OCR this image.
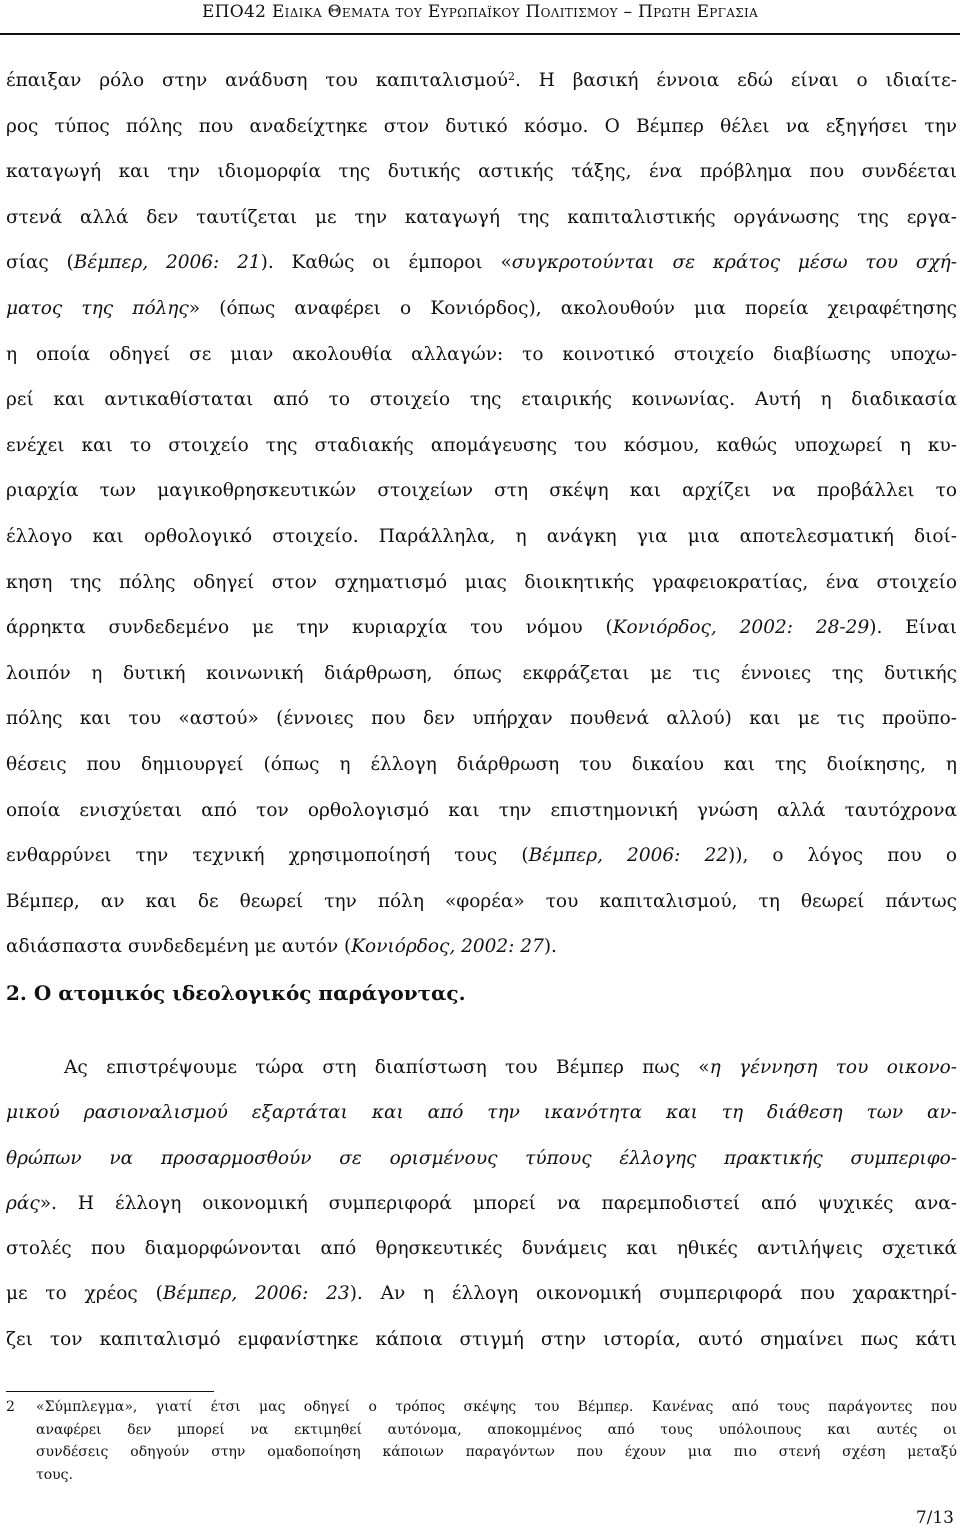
ΕΠΟ42 Ειδικα Θεματα του Ευρωπαϊκου Πολιτισμου – Πρωτη Εργασια
έπαιξαν ρόλο στην ανάδυση του καπιταλισμού$^2$. Η βασική έννοια εδώ είναι ο ιδιαίτε-
ρος τύπος πόλης που αναδείχτηκε στον δυτικό κόσμο. Ο Βέμπερ θέλει να εξηγήσει την
καταγωγή και την ιδιομορφία της δυτικής αστικής τάξης, ένα πρόβλημα που συνδέεται
στενά αλλά δεν ταυτίζεται με την καταγωγή της καπιταλιστικής οργάνωσης της εργα-
σίας (Βέμπερ, 2006: 21). Καθώς οι έμποροι «συγκροτούνται σε κράτος μέσω του σχή-
ματος της πόλης» (όπως αναφέρει ο Κονιόρδος), ακολουθούν μια πορεία χειραφέτησης
η οποία οδηγεί σε μιαν ακολουθία αλλαγών: το κοινοτικό στοιχείο διαβίωσης υποχω-
ρεί και αντικαθίσταται από το στοιχείο της εταιρικής κοινωνίας. Αυτή η διαδικασία
ενέχει και το στοιχείο της σταδιακής απομάγευσης του κόσμου, καθώς υποχωρεί η κυ-
ριαρχία των μαγικοθρησκευτικών στοιχείων στη σκέψη και αρχίζει να προβάλλει το
έλλογο και ορθολογικό στοιχείο. Παράλληλα, η ανάγκη για μια αποτελεσματική διοί-
κηση της πόλης οδηγεί στον σχηματισμό μιας διοικητικής γραφειοκρατίας, ένα στοιχείο
άρρηκτα συνδεδεμένο με την κυριαρχία του νόμου (Κονιόρδος, 2002: 28-29). Είναι
λοιπόν η δυτική κοινωνική διάρθρωση, όπως εκφράζεται με τις έννοιες της δυτικής
πόλης και του «αστού» (έννοιες που δεν υπήρχαν πουθενά αλλού) και με τις προϋπο-
θέσεις που δημιουργεί (όπως η έλλογη διάρθρωση του δικαίου και της διοίκησης, η
οποία ενισχύεται από τον ορθολογισμό και την επιστημονική γνώση αλλά ταυτόχρονα
ενθαρρύνει την τεχνική χρησιμοποίησή τους (Βέμπερ, 2006: 22)), ο λόγος που ο
Βέμπερ, αν και δε θεωρεί την πόλη «φορέα» του καπιταλισμού, τη θεωρεί πάντως
αδιάσπαστα συνδεδεμένη με αυτόν (Κονιόρδος, 2002: 27).
2. Ο ατομικός ιδεολογικός παράγοντας.
Ας επιστρέψουμε τώρα στη διαπίστωση του Βέμπερ πως «η γέννηση του οικονο-
μικού ρασιοναλισμού εξαρτάται και από την ικανότητα και τη διάθεση των αν-
θρώπων να προσαρμοσθούν σε ορισμένους τύπους έλλογης πρακτικής συμπεριφο-
ράς». Η έλλογη οικονομική συμπεριφορά μπορεί να παρεμποδιστεί από ψυχικές ανα-
στολές που διαμορφώνονται από θρησκευτικές δυνάμεις και ηθικές αντιλήψεις σχετικά
με το χρέος (Βέμπερ, 2006: 23). Αν η έλλογη οικονομική συμπεριφορά που χαρακτηρί-
ζει τον καπιταλισμό εμφανίστηκε κάποια στιγμή στην ιστορία, αυτό σημαίνει πως κάτι
2 «Σύμπλεγμα», γιατί έτσι μας οδηγεί ο τρόπος σκέψης του Βέμπερ. Κανένας από τους παράγοντες που
αναφέρει δεν μπορεί να εκτιμηθεί αυτόνομα, αποκομμένος από τους υπόλοιπους και αυτές οι
συνδέσεις οδηγούν στην ομαδοποίηση κάποιων παραγόντων που έχουν μια πιο στενή σχέση μεταξύ
τους.
7/13
